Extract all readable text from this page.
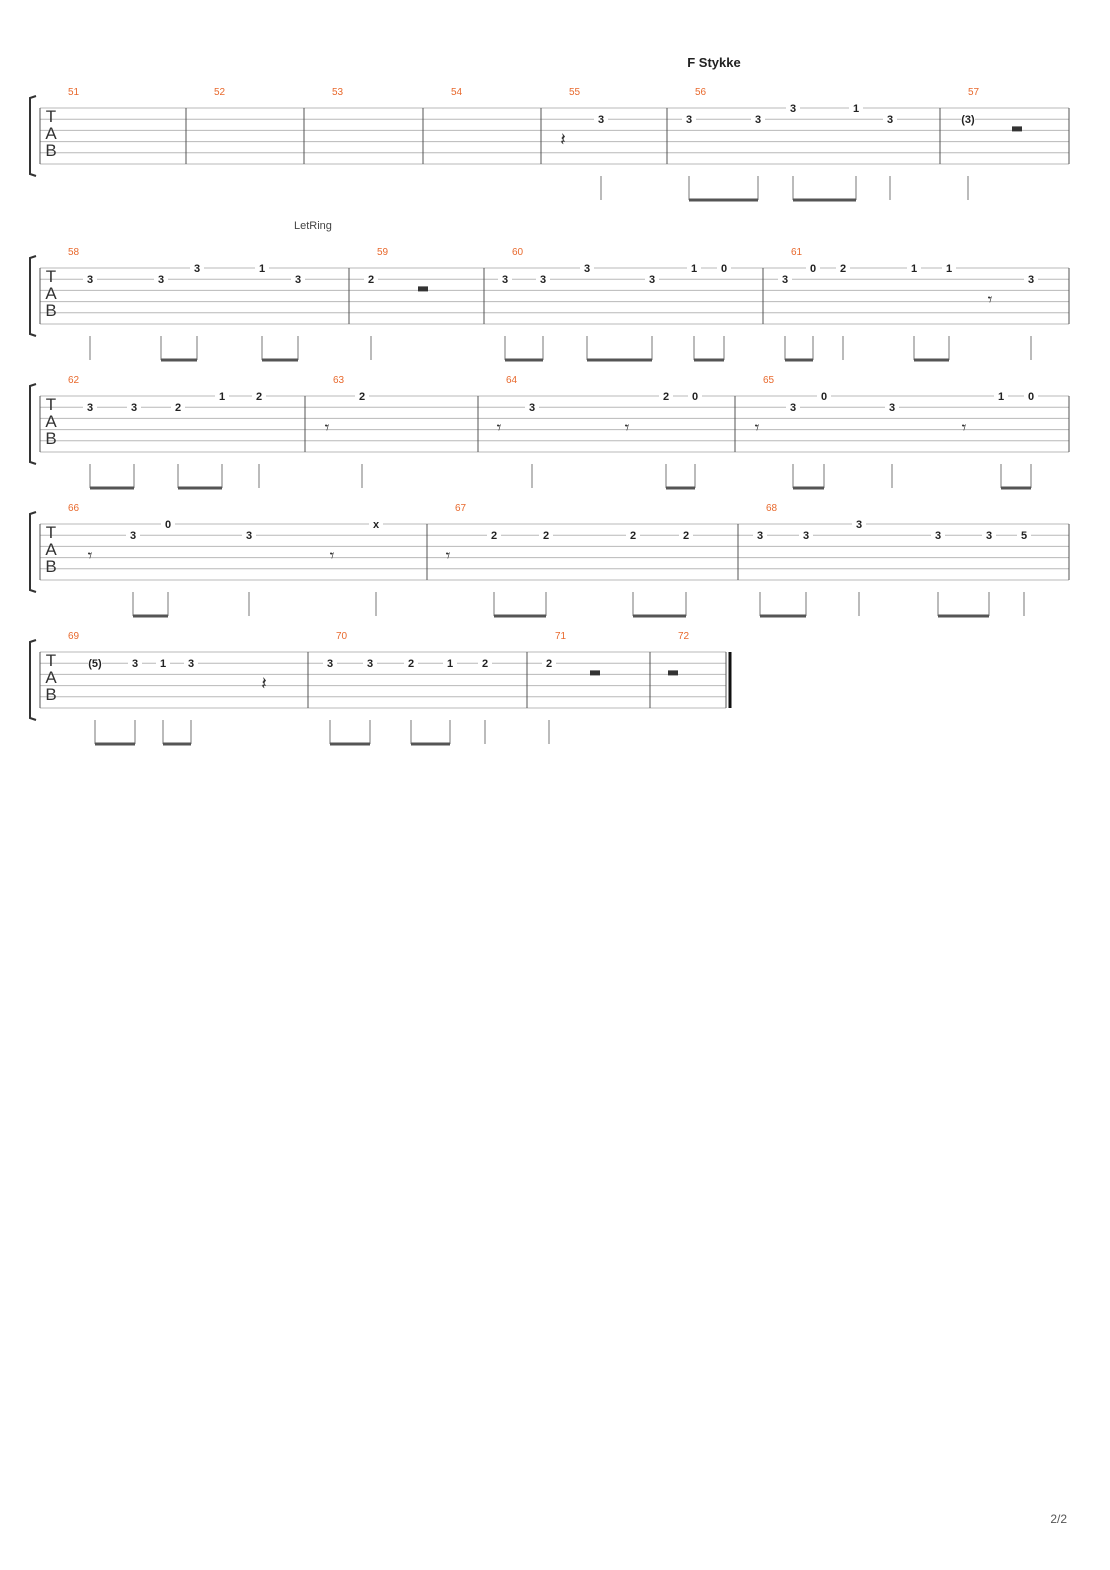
F Stykke
LetRing
2/2
T
A
B
51	52	53	54	55
3
56
3	3
3	1
3
57
(3)
𝄽
T
A
B
58
3	3
3	1
3
59
2
60
3	3
3
3
1 0
61
3
0 2	1	1
3
𝄾
T
A
B
62
3	3	2
1	2
63
2
64
3
2 0
65
3
0
3
1 0
𝄾	𝄾	𝄾	𝄾	𝄾
T
A
B
66
3
0
3
x
67
2	2	2	2
68
3	3
3
3	3	5
𝄾	𝄾	𝄾
T
A
B
69
(5)	3 1 3
70
3	3	2	1	2
71
2
72
𝄽
